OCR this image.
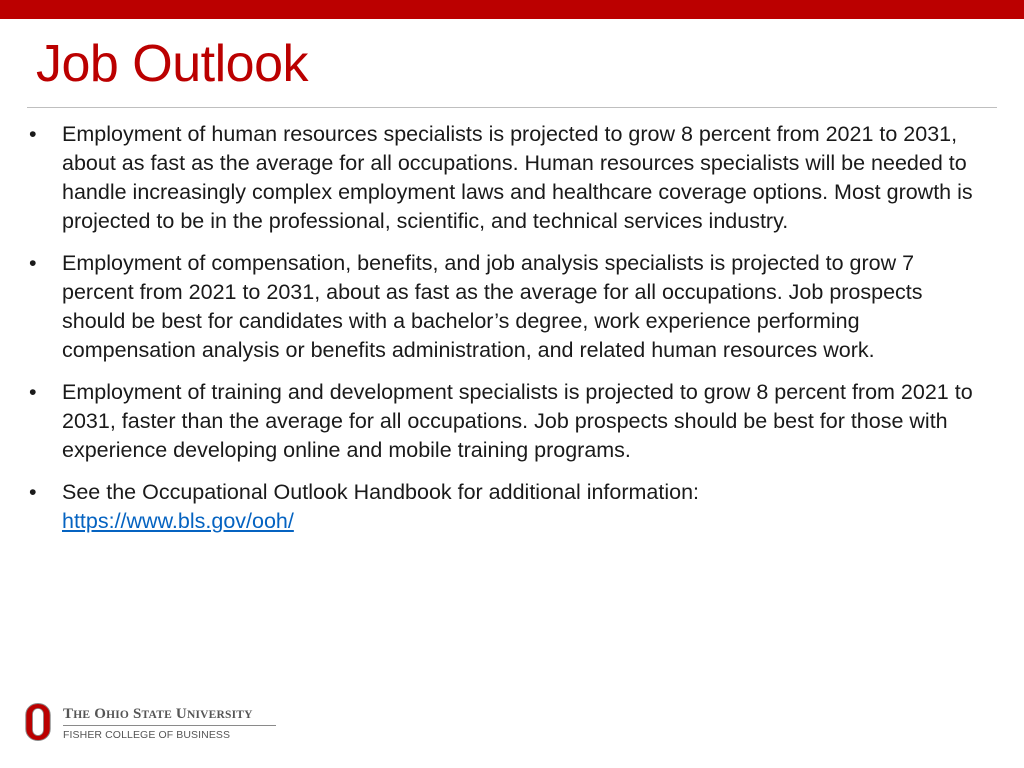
Job Outlook
• Employment of human resources specialists is projected to grow 8 percent from 2021 to 2031, about as fast as the average for all occupations. Human resources specialists will be needed to handle increasingly complex employment laws and healthcare coverage options. Most growth is projected to be in the professional, scientific, and technical services industry.
• Employment of compensation, benefits, and job analysis specialists is projected to grow 7 percent from 2021 to 2031, about as fast as the average for all occupations. Job prospects should be best for candidates with a bachelor’s degree, work experience performing compensation analysis or benefits administration, and related human resources work.
• Employment of training and development specialists is projected to grow 8 percent from 2021 to 2031, faster than the average for all occupations. Job prospects should be best for those with experience developing online and mobile training programs.
• See the Occupational Outlook Handbook for additional information:
https://www.bls.gov/ooh/
THE OHIO STATE UNIVERSITY
FISHER COLLEGE OF BUSINESS
